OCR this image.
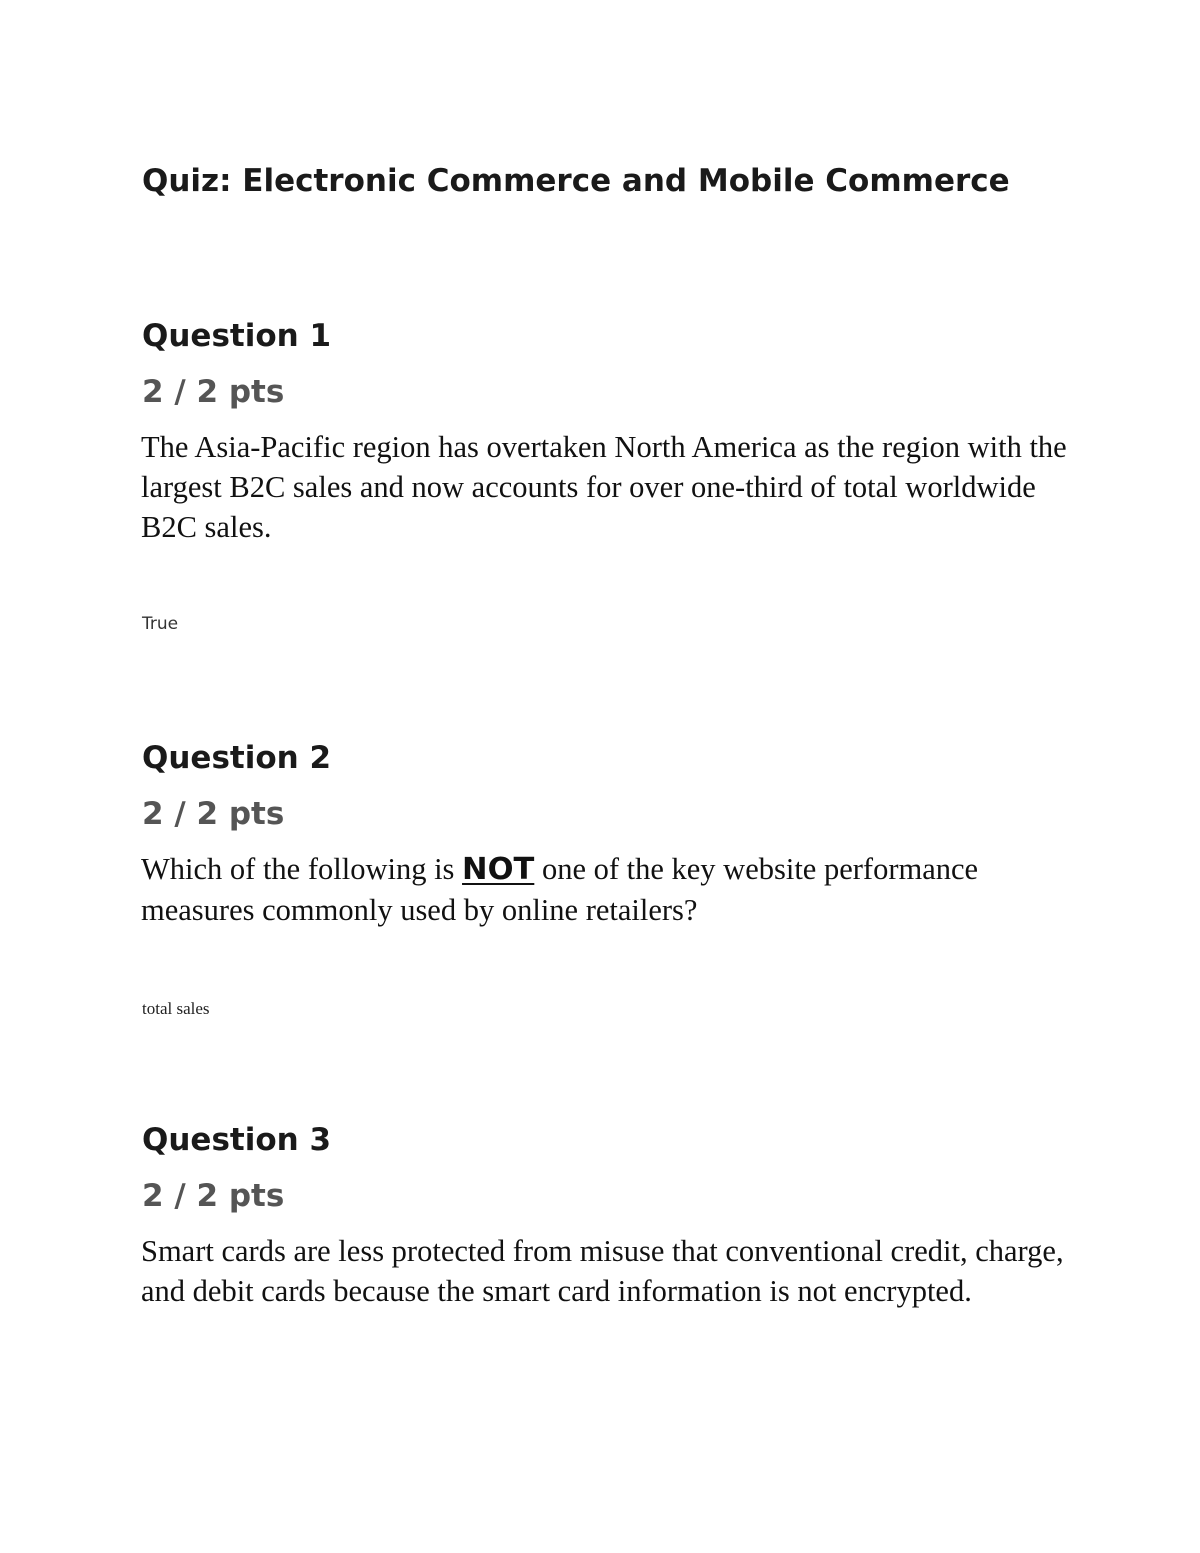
Quiz: Electronic Commerce and Mobile Commerce
Question 1
2 / 2 pts

The Asia-Pacific region has overtaken North America as the region with the largest B2C sales and now accounts for over one-third of total worldwide B2C sales.

True
Question 2
2 / 2 pts

Which of the following is NOT one of the key website performance measures commonly used by online retailers?

total sales
Question 3
2 / 2 pts

Smart cards are less protected from misuse that conventional credit, charge, and debit cards because the smart card information is not encrypted.
